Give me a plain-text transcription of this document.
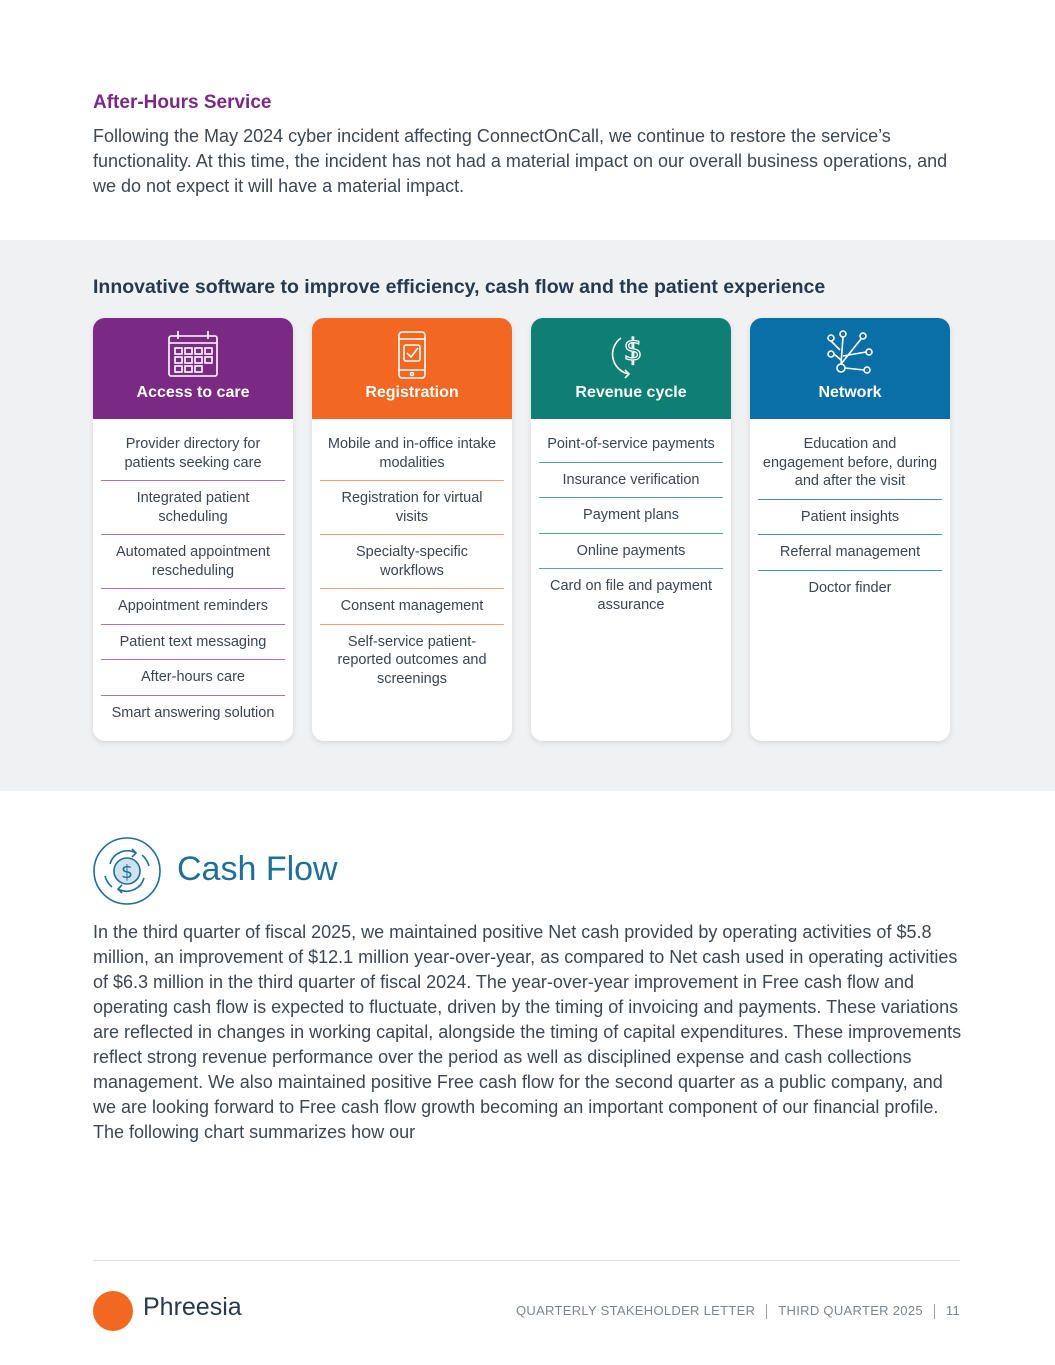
After-Hours Service

Following the May 2024 cyber incident affecting ConnectOnCall, we continue to restore the service’s functionality. At this time, the incident has not had a material impact on our overall business operations, and we do not expect it will have a material impact.

Innovative software to improve efficiency, cash flow and the patient experience
Access to care
Provider directory for patients seeking care
Integrated patient scheduling
Automated appointment rescheduling
Appointment reminders
Patient text messaging
After-hours care
Smart answering solution
Registration
Mobile and in-office intake modalities
Registration for virtual visits
Specialty-specific workflows
Consent management
Self-service patient-reported outcomes and screenings
$
Revenue cycle
Point-of-service payments
Insurance verification
Payment plans
Online payments
Card on file and payment assurance
Network
Education and engagement before, during and after the visit
Patient insights
Referral management
Doctor finder
$ Cash Flow

In the third quarter of fiscal 2025, we maintained positive Net cash provided by operating activities of $5.8 million, an improvement of $12.1 million year-over-year, as compared to Net cash used in operating activities of $6.3 million in the third quarter of fiscal 2024. The year-over-year improvement in Free cash flow and operating cash flow is expected to fluctuate, driven by the timing of invoicing and payments. These variations are reflected in changes in working capital, alongside the timing of capital expenditures. These improvements reflect strong revenue performance over the period as well as disciplined expense and cash collections management. We also maintained positive Free cash flow for the second quarter as a public company, and we are looking forward to Free cash flow growth becoming an important component of our financial profile. The following chart summarizes how our

Phreesia	QUARTERLY STAKEHOLDER LETTER THIRD QUARTER 2025 11
